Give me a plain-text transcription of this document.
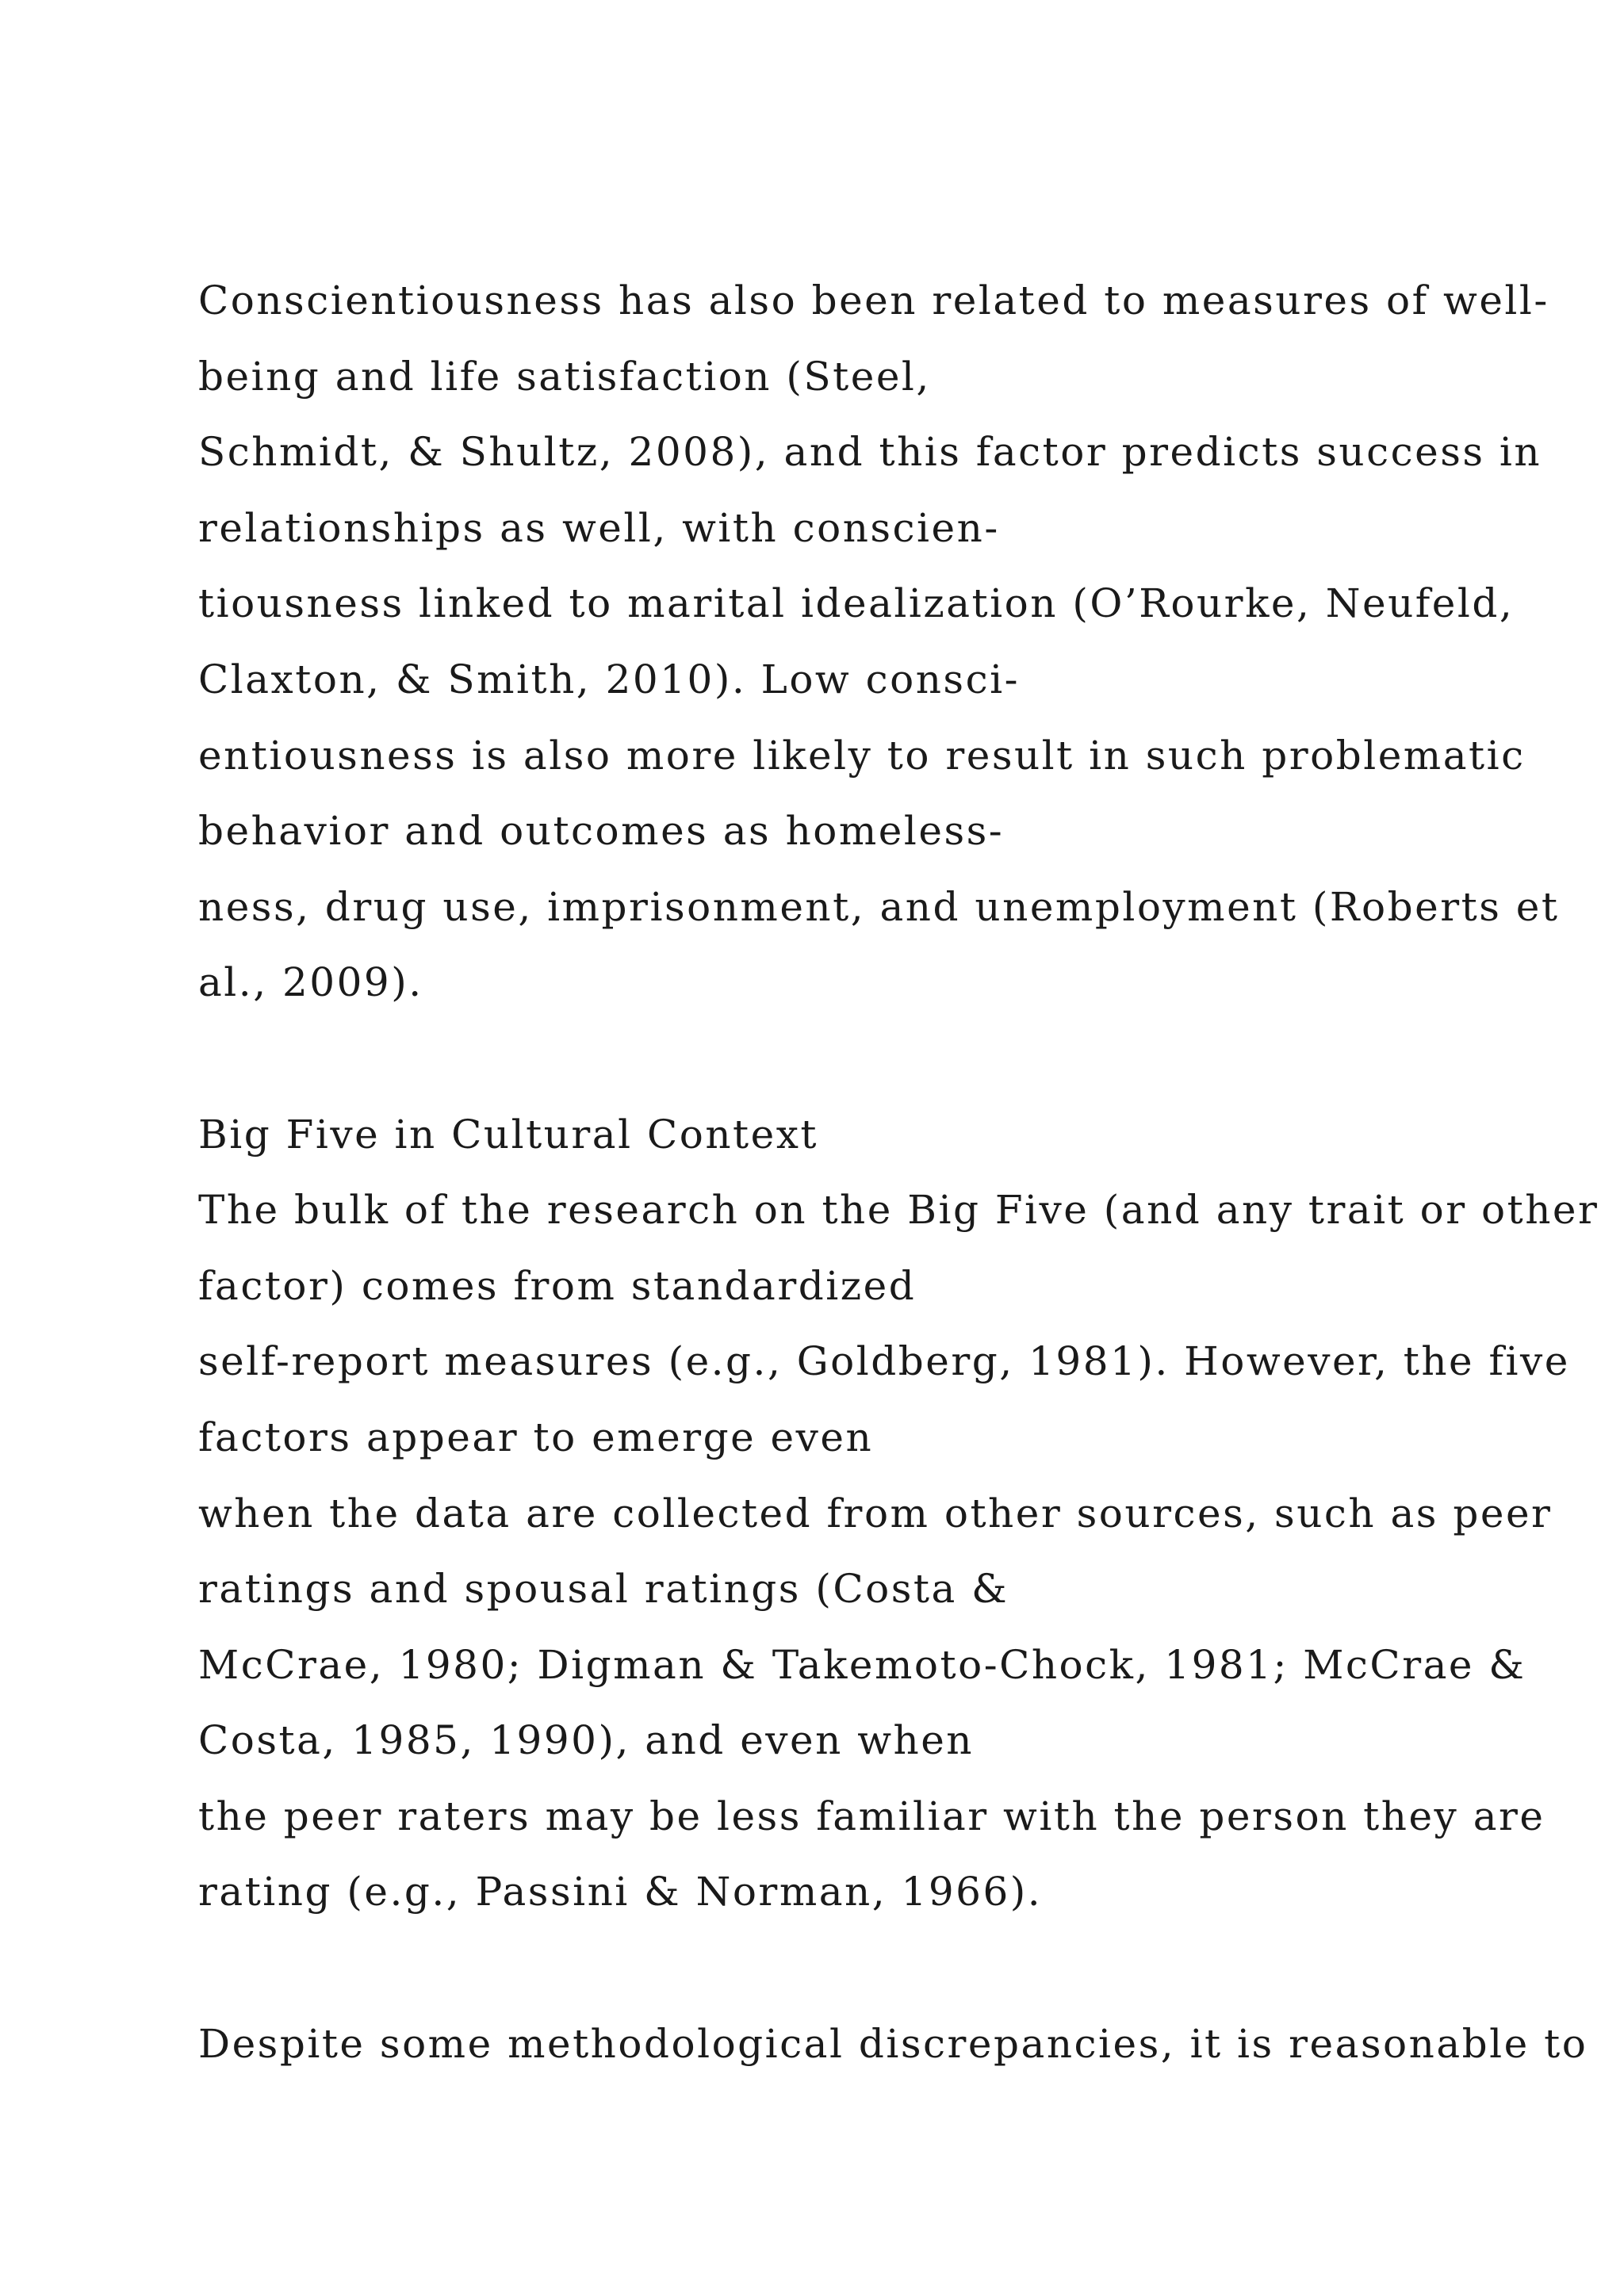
Conscientiousness has also been related to measures of well-
being and life satisfaction (Steel,
Schmidt, & Shultz, 2008), and this factor predicts success in
relationships as well, with conscien-
tiousness linked to marital idealization (O’Rourke, Neufeld,
Claxton, & Smith, 2010). Low consci-
entiousness is also more likely to result in such problematic
behavior and outcomes as homeless-
ness, drug use, imprisonment, and unemployment (Roberts et
al., 2009).
Big Five in Cultural Context
The bulk of the research on the Big Five (and any trait or other
factor) comes from standardized
self-report measures (e.g., Goldberg, 1981). However, the five
factors appear to emerge even
when the data are collected from other sources, such as peer
ratings and spousal ratings (Costa &
McCrae, 1980; Digman & Takemoto-Chock, 1981; McCrae &
Costa, 1985, 1990), and even when
the peer raters may be less familiar with the person they are
rating (e.g., Passini & Norman, 1966).
Despite some methodological discrepancies, it is reasonable to
